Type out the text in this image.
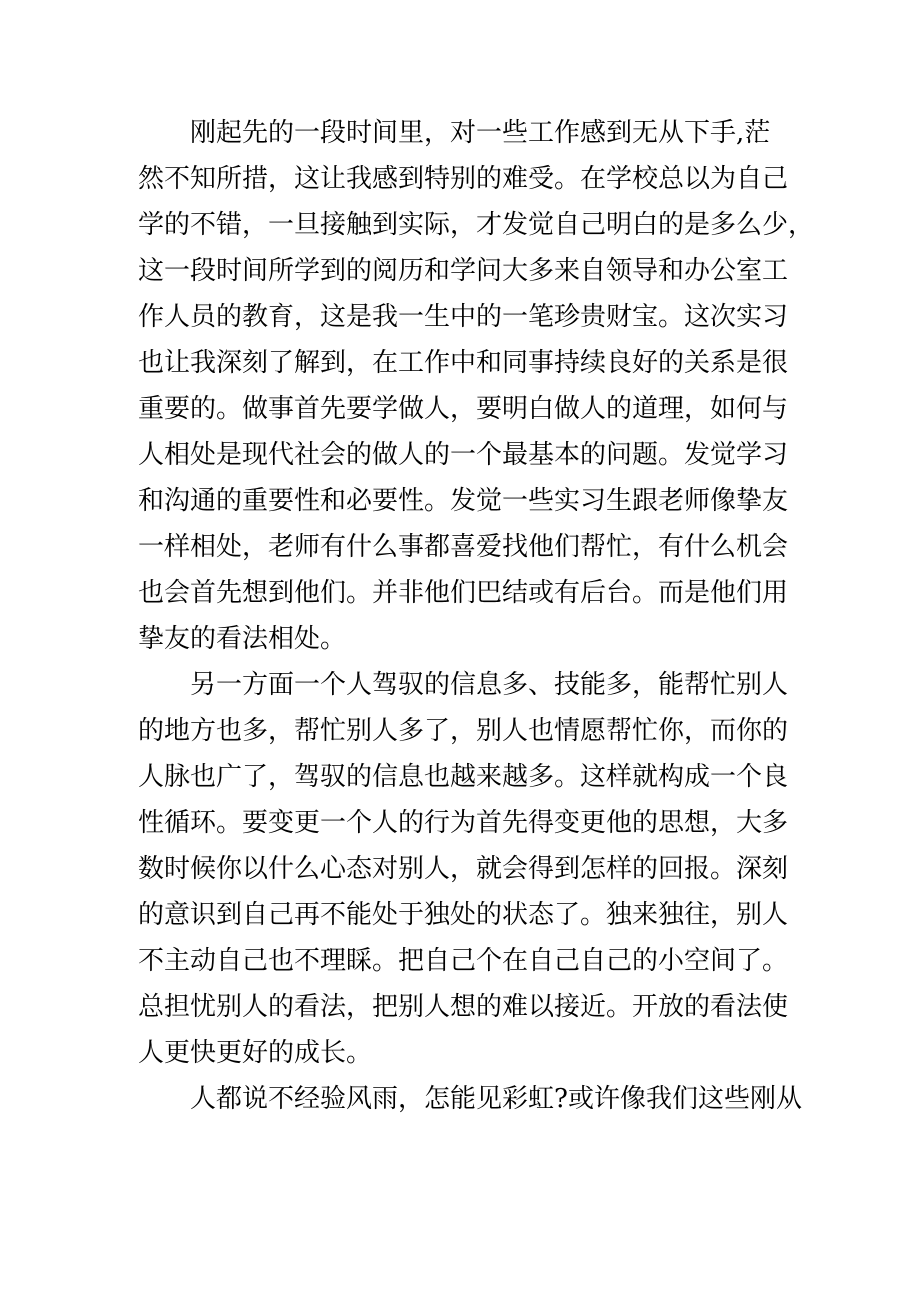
　　刚起先的一段时间里，对一些工作感到无从下手,茫
然不知所措，这让我感到特别的难受。在学校总以为自己
学的不错，一旦接触到实际，才发觉自己明白的是多么少，
这一段时间所学到的阅历和学问大多来自领导和办公室工
作人员的教育，这是我一生中的一笔珍贵财宝。这次实习
也让我深刻了解到，在工作中和同事持续良好的关系是很
重要的。做事首先要学做人，要明白做人的道理，如何与
人相处是现代社会的做人的一个最基本的问题。发觉学习
和沟通的重要性和必要性。发觉一些实习生跟老师像挚友
一样相处，老师有什么事都喜爱找他们帮忙，有什么机会
也会首先想到他们。并非他们巴结或有后台。而是他们用
挚友的看法相处。
　　另一方面一个人驾驭的信息多、技能多，能帮忙别人
的地方也多，帮忙别人多了，别人也情愿帮忙你，而你的
人脉也广了，驾驭的信息也越来越多。这样就构成一个良
性循环。要变更一个人的行为首先得变更他的思想，大多
数时候你以什么心态对别人，就会得到怎样的回报。深刻
的意识到自己再不能处于独处的状态了。独来独往，别人
不主动自己也不理睬。把自己个在自己自己的小空间了。
总担忧别人的看法，把别人想的难以接近。开放的看法使
人更快更好的成长。
　　人都说不经验风雨，怎能见彩虹?或许像我们这些刚从
